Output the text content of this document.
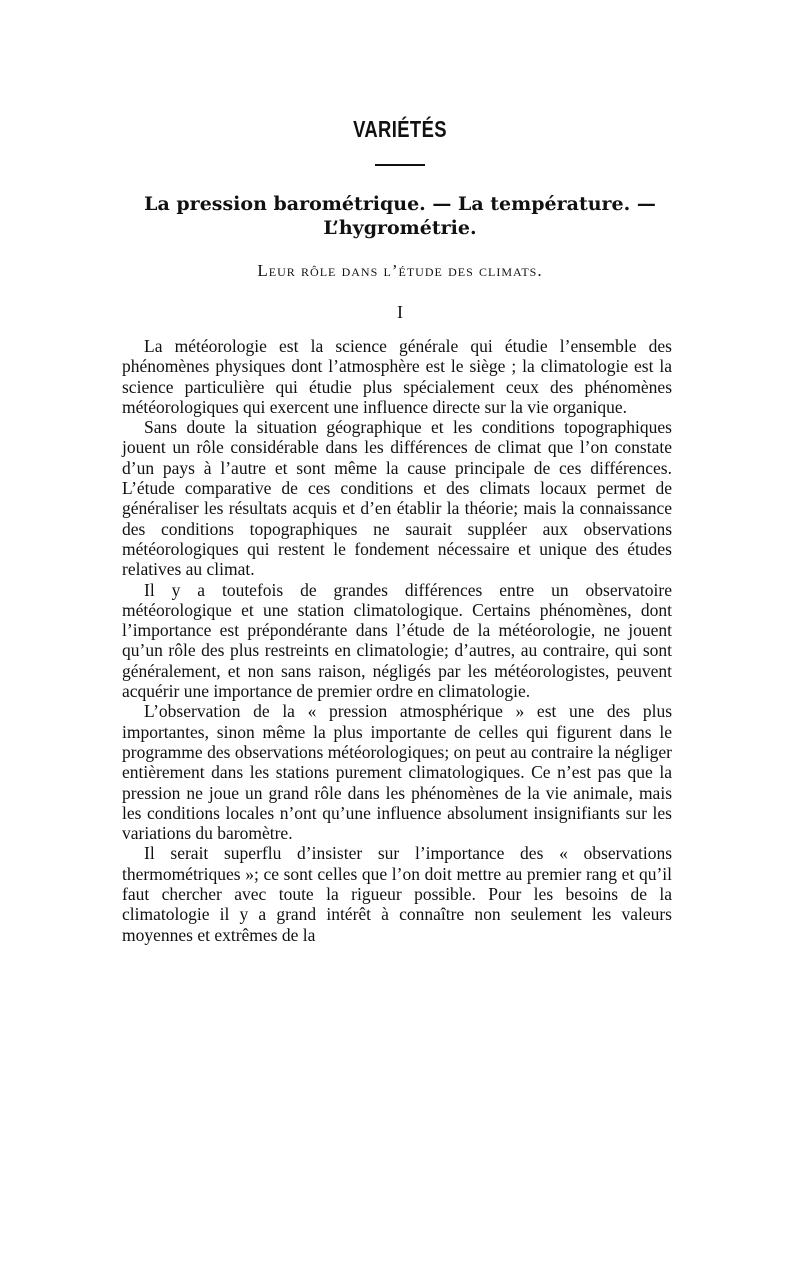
VARIÉTÉS
La pression barométrique. — La température. —
L’hygrométrie.
Leur rôle dans l’étude des climats.
I

La météorologie est la science générale qui étudie l’ensemble des phénomènes physiques dont l’atmosphère est le siège ; la climatologie est la science particulière qui étudie plus spécialement ceux des phénomènes météorologiques qui exercent une influence directe sur la vie organique.

Sans doute la situation géographique et les conditions topographiques jouent un rôle considérable dans les différences de climat que l’on constate d’un pays à l’autre et sont même la cause principale de ces différences. L’étude comparative de ces conditions et des climats locaux permet de généraliser les résultats acquis et d’en établir la théorie; mais la connaissance des conditions topographiques ne saurait suppléer aux observations météorologiques qui restent le fondement nécessaire et unique des études relatives au climat.

Il y a toutefois de grandes différences entre un observatoire météorologique et une station climatologique. Certains phénomènes, dont l’importance est prépondérante dans l’étude de la météorologie, ne jouent qu’un rôle des plus restreints en climatologie; d’autres, au contraire, qui sont généralement, et non sans raison, négligés par les météorologistes, peuvent acquérir une importance de premier ordre en climatologie.

L’observation de la « pression atmosphérique » est une des plus importantes, sinon même la plus importante de celles qui figurent dans le programme des observations météorologiques; on peut au contraire la négliger entièrement dans les stations purement climatologiques. Ce n’est pas que la pression ne joue un grand rôle dans les phénomènes de la vie animale, mais les conditions locales n’ont qu’une influence absolument insignifiants sur les variations du baromètre.

Il serait superflu d’insister sur l’importance des « observations thermométriques »; ce sont celles que l’on doit mettre au premier rang et qu’il faut chercher avec toute la rigueur possible. Pour les besoins de la climatologie il y a grand intérêt à connaître non seulement les valeurs moyennes et extrêmes de la
